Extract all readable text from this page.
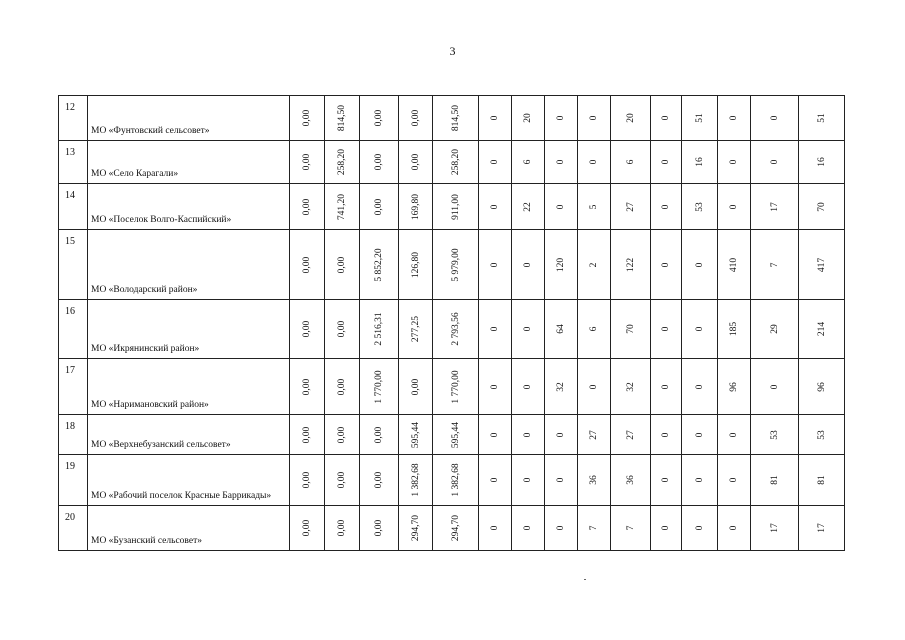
3
12	МО «Фунтовский сельсовет»	0,00	814,50	0,00	0,00	814,50	0	20	0	0	20	0	51	0	0	51

13	МО «Село Карагали»	0,00	258,20	0,00	0,00	258,20	0	6	0	0	6	0	16	0	0	16

14	МО «Поселок Волго-Каспийский»	0,00	741,20	0,00	169,80	911,00	0	22	0	5	27	0	53	0	17	70

15	МО «Володарский район»	0,00	0,00	5 852,20	126,80	5 979,00	0	0	120	2	122	0	0	410	7	417

16	МО «Икрянинский район»	0,00	0,00	2 516,31	277,25	2 793,56	0	0	64	6	70	0	0	185	29	214

17	МО «Наримановский район»	0,00	0,00	1 770,00	0,00	1 770,00	0	0	32	0	32	0	0	96	0	96

18	МО «Верхнебузанский сельсовет»	0,00	0,00	0,00	595,44	595,44	0	0	0	27	27	0	0	0	53	53

19	МО «Рабочий поселок Красные Баррикады»	0,00	0,00	0,00	1 382,68	1 382,68	0	0	0	36	36	0	0	0	81	81

20	МО «Бузанский сельсовет»	0,00	0,00	0,00	294,70	294,70	0	0	0	7	7	0	0	0	17	17
